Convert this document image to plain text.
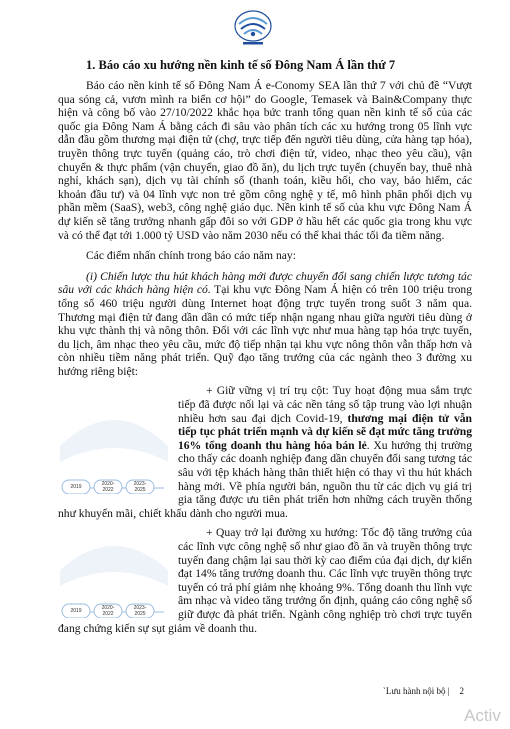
1. Báo cáo xu hướng nền kinh tế số Đông Nam Á lần thứ 7

Báo cáo nền kinh tế số Đông Nam Á e-Conomy SEA lần thứ 7 với chủ đề “Vượt qua sóng cả, vươn mình ra biển cơ hội” do Google, Temasek và Bain&Company thực hiện và công bố vào 27/10/2022 khắc họa bức tranh tổng quan nền kinh tế số của các quốc gia Đông Nam Á bằng cách đi sâu vào phân tích các xu hướng trong 05 lĩnh vực dẫn đầu gồm thương mại điện tử (chợ, trực tiếp đến người tiêu dùng, cửa hàng tạp hóa), truyền thông trực tuyến (quảng cáo, trò chơi điện tử, video, nhạc theo yêu cầu), vận chuyển & thực phẩm (vận chuyển, giao đồ ăn), du lịch trực tuyến (chuyến bay, thuê nhà nghỉ, khách sạn), dịch vụ tài chính số (thanh toán, kiều hối, cho vay, bảo hiểm, các khoản đầu tư) và 04 lĩnh vực non trẻ gồm công nghệ y tế, mô hình phân phối dịch vụ phần mềm (SaaS), web3, công nghệ giáo dục. Nền kinh tế số của khu vực Đông Nam Á dự kiến sẽ tăng trưởng nhanh gấp đôi so với GDP ở hầu hết các quốc gia trong khu vực và có thể đạt tới 1.000 tỷ USD vào năm 2030 nếu có thể khai thác tối đa tiềm năng.

Các điểm nhấn chính trong báo cáo năm nay:

(i) Chiến lược thu hút khách hàng mới được chuyển đổi sang chiến lược tương tác sâu với các khách hàng hiện có. Tại khu vực Đông Nam Á hiện có trên 100 triệu trong tổng số 460 triệu người dùng Internet hoạt động trực tuyến trong suốt 3 năm qua. Thương mại điện tử đang dần dần có mức tiếp nhận ngang nhau giữa người tiêu dùng ở khu vực thành thị và nông thôn. Đối với các lĩnh vực như mua hàng tạp hóa trực tuyến, du lịch, âm nhạc theo yêu cầu, mức độ tiếp nhận tại khu vực nông thôn vẫn thấp hơn và còn nhiều tiềm năng phát triển. Quỹ đạo tăng trưởng của các ngành theo 3 đường xu hướng riêng biệt:

2019	2020-
2022
2023-
2025

+ Giữ vững vị trí trụ cột: Tuy hoạt động mua sắm trực tiếp đã được nối lại và các nền tảng số tập trung vào lợi nhuận nhiều hơn sau đại dịch Covid-19, thương mại điện tử vẫn tiếp tục phát triển mạnh và dự kiến sẽ đạt mức tăng trưởng 16% tổng doanh thu hàng hóa bán lẻ. Xu hướng thị trường cho thấy các doanh nghiệp đang dần chuyển đổi sang tương tác sâu với tệp khách hàng thân thiết hiện có thay vì thu hút khách hàng mới. Về phía người bán, nguồn thu từ các dịch vụ giá trị gia tăng được ưu tiên phát triển hơn những cách truyền thống như khuyến mãi, chiết khấu dành cho người mua.

2019	2020-
2022
2023-
2025

+ Quay trở lại đường xu hướng: Tốc độ tăng trưởng của các lĩnh vực công nghệ số như giao đồ ăn và truyền thông trực tuyến đang chậm lại sau thời kỳ cao điểm của đại dịch, dự kiến đạt 14% tăng trưởng doanh thu. Các lĩnh vực truyền thông trực tuyến có trả phí giảm nhẹ khoảng 9%. Tổng doanh thu lĩnh vực âm nhạc và video tăng trưởng ổn định, quảng cáo công nghệ số giữ được đà phát triển. Ngành công nghiệp trò chơi trực tuyến đang chứng kiến sự sụt giảm về doanh thu.

`Lưu hành nội bộ | 2
Activ
